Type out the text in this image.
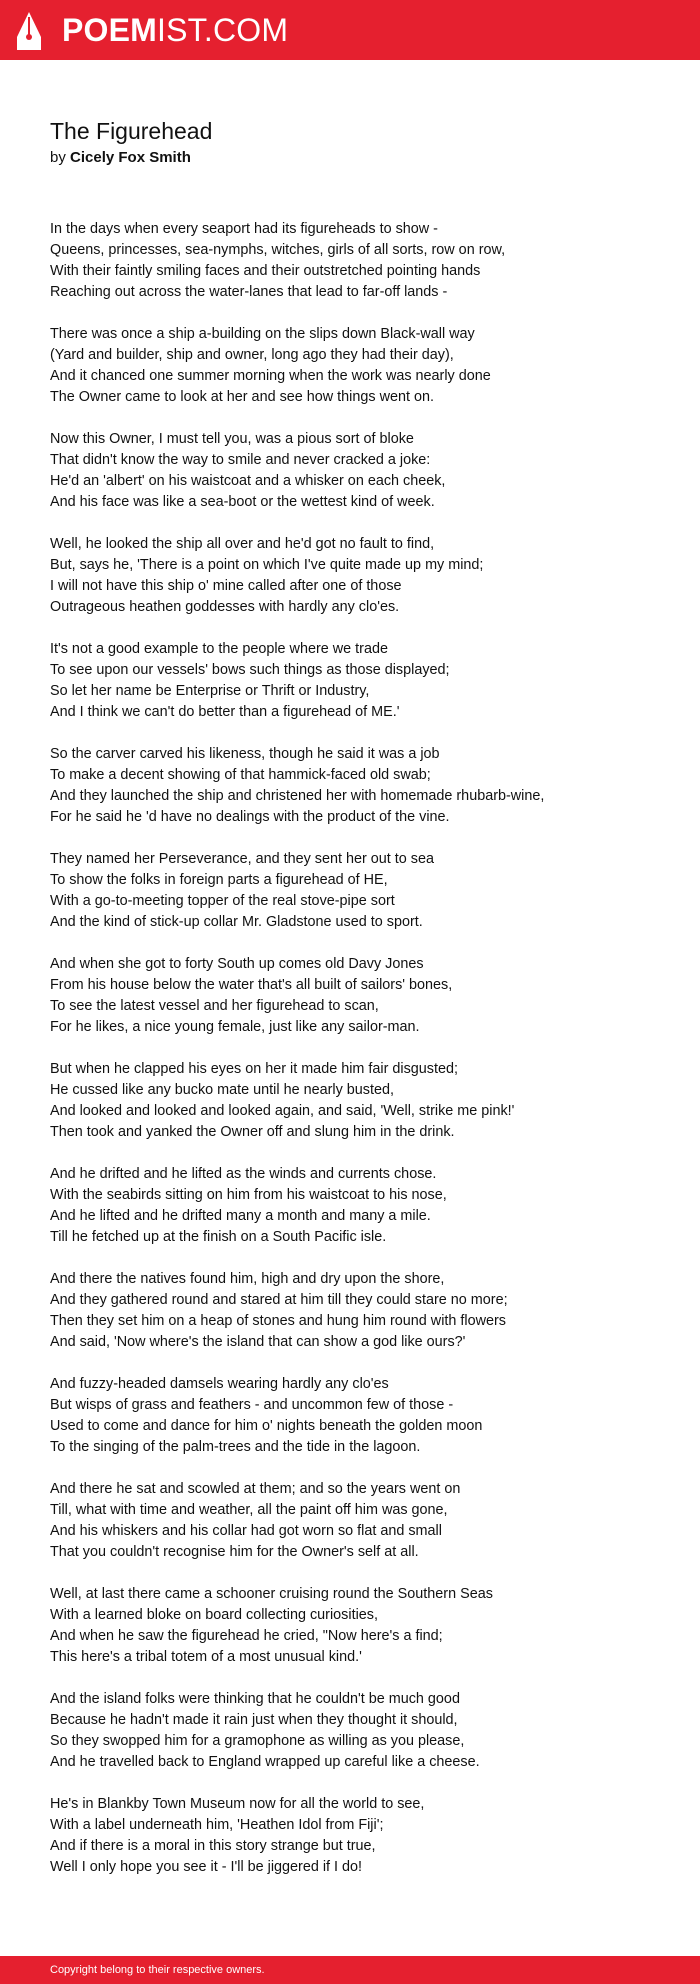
POEMIST.COM
The Figurehead
by Cicely Fox Smith
In the days when every seaport had its figureheads to show -
Queens, princesses, sea-nymphs, witches, girls of all sorts, row on row,
With their faintly smiling faces and their outstretched pointing hands
Reaching out across the water-lanes that lead to far-off lands -
There was once a ship a-building on the slips down Black-wall way
(Yard and builder, ship and owner, long ago they had their day),
And it chanced one summer morning when the work was nearly done
The Owner came to look at her and see how things went on.
Now this Owner, I must tell you, was a pious sort of bloke
That didn't know the way to smile and never cracked a joke:
He'd an 'albert' on his waistcoat and a whisker on each cheek,
And his face was like a sea-boot or the wettest kind of week.
Well, he looked the ship all over and he'd got no fault to find,
But, says he, 'There is a point on which I've quite made up my mind;
I will not have this ship o' mine called after one of those
Outrageous heathen goddesses with hardly any clo'es.
It's not a good example to the people where we trade
To see upon our vessels' bows such things as those displayed;
So let her name be Enterprise or Thrift or Industry,
And I think we can't do better than a figurehead of ME.'
So the carver carved his likeness, though he said it was a job
To make a decent showing of that hammick-faced old swab;
And they launched the ship and christened her with homemade rhubarb-wine,
For he said he 'd have no dealings with the product of the vine.
They named her Perseverance, and they sent her out to sea
To show the folks in foreign parts a figurehead of HE,
With a go-to-meeting topper of the real stove-pipe sort
And the kind of stick-up collar Mr. Gladstone used to sport.
And when she got to forty South up comes old Davy Jones
From his house below the water that's all built of sailors' bones,
To see the latest vessel and her figurehead to scan,
For he likes, a nice young female, just like any sailor-man.
But when he clapped his eyes on her it made him fair disgusted;
He cussed like any bucko mate until he nearly busted,
And looked and looked and looked again, and said, 'Well, strike me pink!'
Then took and yanked the Owner off and slung him in the drink.
And he drifted and he lifted as the winds and currents chose.
With the seabirds sitting on him from his waistcoat to his nose,
And he lifted and he drifted many a month and many a mile.
Till he fetched up at the finish on a South Pacific isle.
And there the natives found him, high and dry upon the shore,
And they gathered round and stared at him till they could stare no more;
Then they set him on a heap of stones and hung him round with flowers
And said, 'Now where's the island that can show a god like ours?'
And fuzzy-headed damsels wearing hardly any clo'es
But wisps of grass and feathers - and uncommon few of those -
Used to come and dance for him o' nights beneath the golden moon
To the singing of the palm-trees and the tide in the lagoon.
And there he sat and scowled at them; and so the years went on
Till, what with time and weather, all the paint off him was gone,
And his whiskers and his collar had got worn so flat and small
That you couldn't recognise him for the Owner's self at all.
Well, at last there came a schooner cruising round the Southern Seas
With a learned bloke on board collecting curiosities,
And when he saw the figurehead he cried, "Now here's a find;
This here's a tribal totem of a most unusual kind.'
And the island folks were thinking that he couldn't be much good
Because he hadn't made it rain just when they thought it should,
So they swopped him for a gramophone as willing as you please,
And he travelled back to England wrapped up careful like a cheese.
He's in Blankby Town Museum now for all the world to see,
With a label underneath him, 'Heathen Idol from Fiji';
And if there is a moral in this story strange but true,
Well I only hope you see it - I'll be jiggered if I do!
Copyright belong to their respective owners.
